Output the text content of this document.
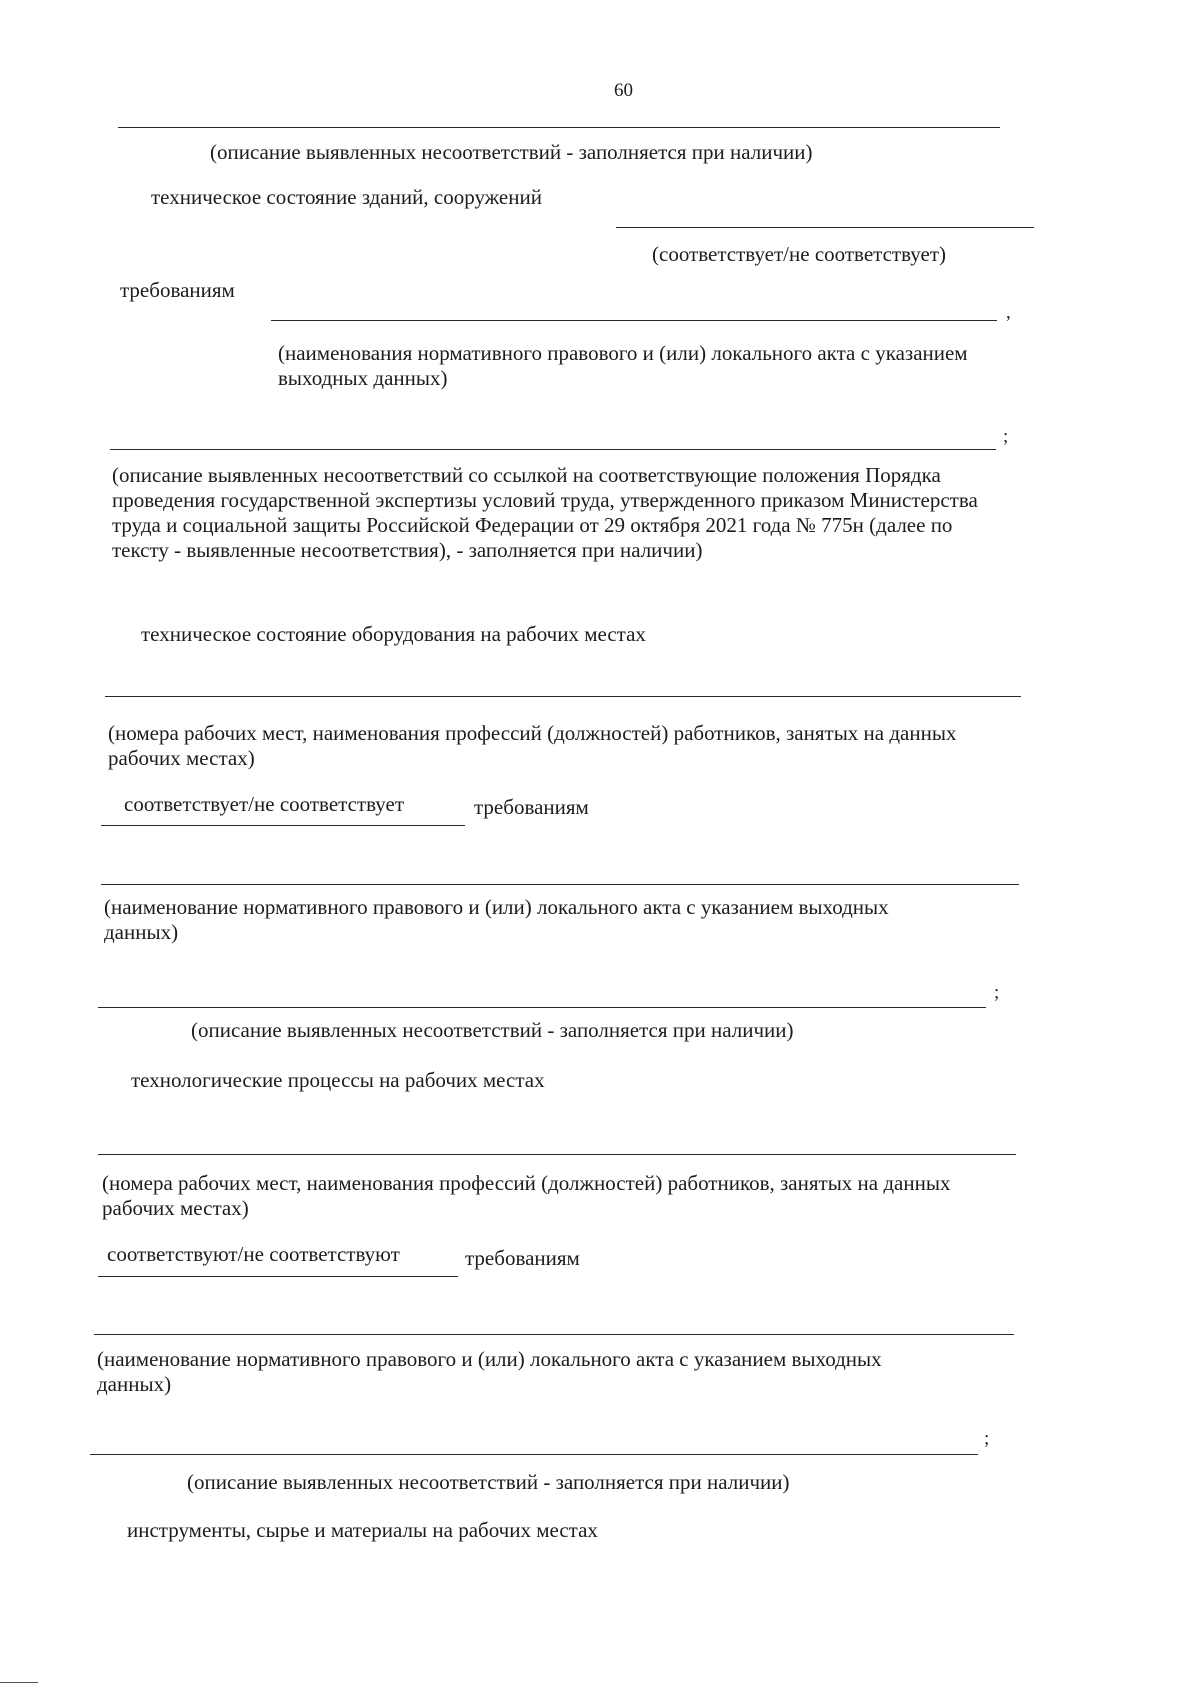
60
(описание выявленных несоответствий - заполняется при наличии)
техническое состояние зданий, сооружений
(соответствует/не соответствует)
требованиям
,
(наименования нормативного правового и (или) локального акта с указанием выходных данных)
;
(описание выявленных несоответствий со ссылкой на соответствующие положения Порядка проведения государственной экспертизы условий труда, утвержденного приказом Министерства труда и социальной защиты Российской Федерации от 29 октября 2021 года № 775н (далее по тексту - выявленные несоответствия), - заполняется при наличии)
техническое состояние оборудования на рабочих местах
(номера рабочих мест, наименования профессий (должностей) работников, занятых на данных рабочих местах)
соответствует/не соответствует	требованиям
(наименование нормативного правового и (или) локального акта с указанием выходных данных)
;
(описание выявленных несоответствий - заполняется при наличии)
технологические процессы на рабочих местах
(номера рабочих мест, наименования профессий (должностей) работников, занятых на данных рабочих местах)
соответствуют/не соответствуют	требованиям
(наименование нормативного правового и (или) локального акта с указанием выходных данных)
;
(описание выявленных несоответствий - заполняется при наличии)
инструменты, сырье и материалы на рабочих местах
